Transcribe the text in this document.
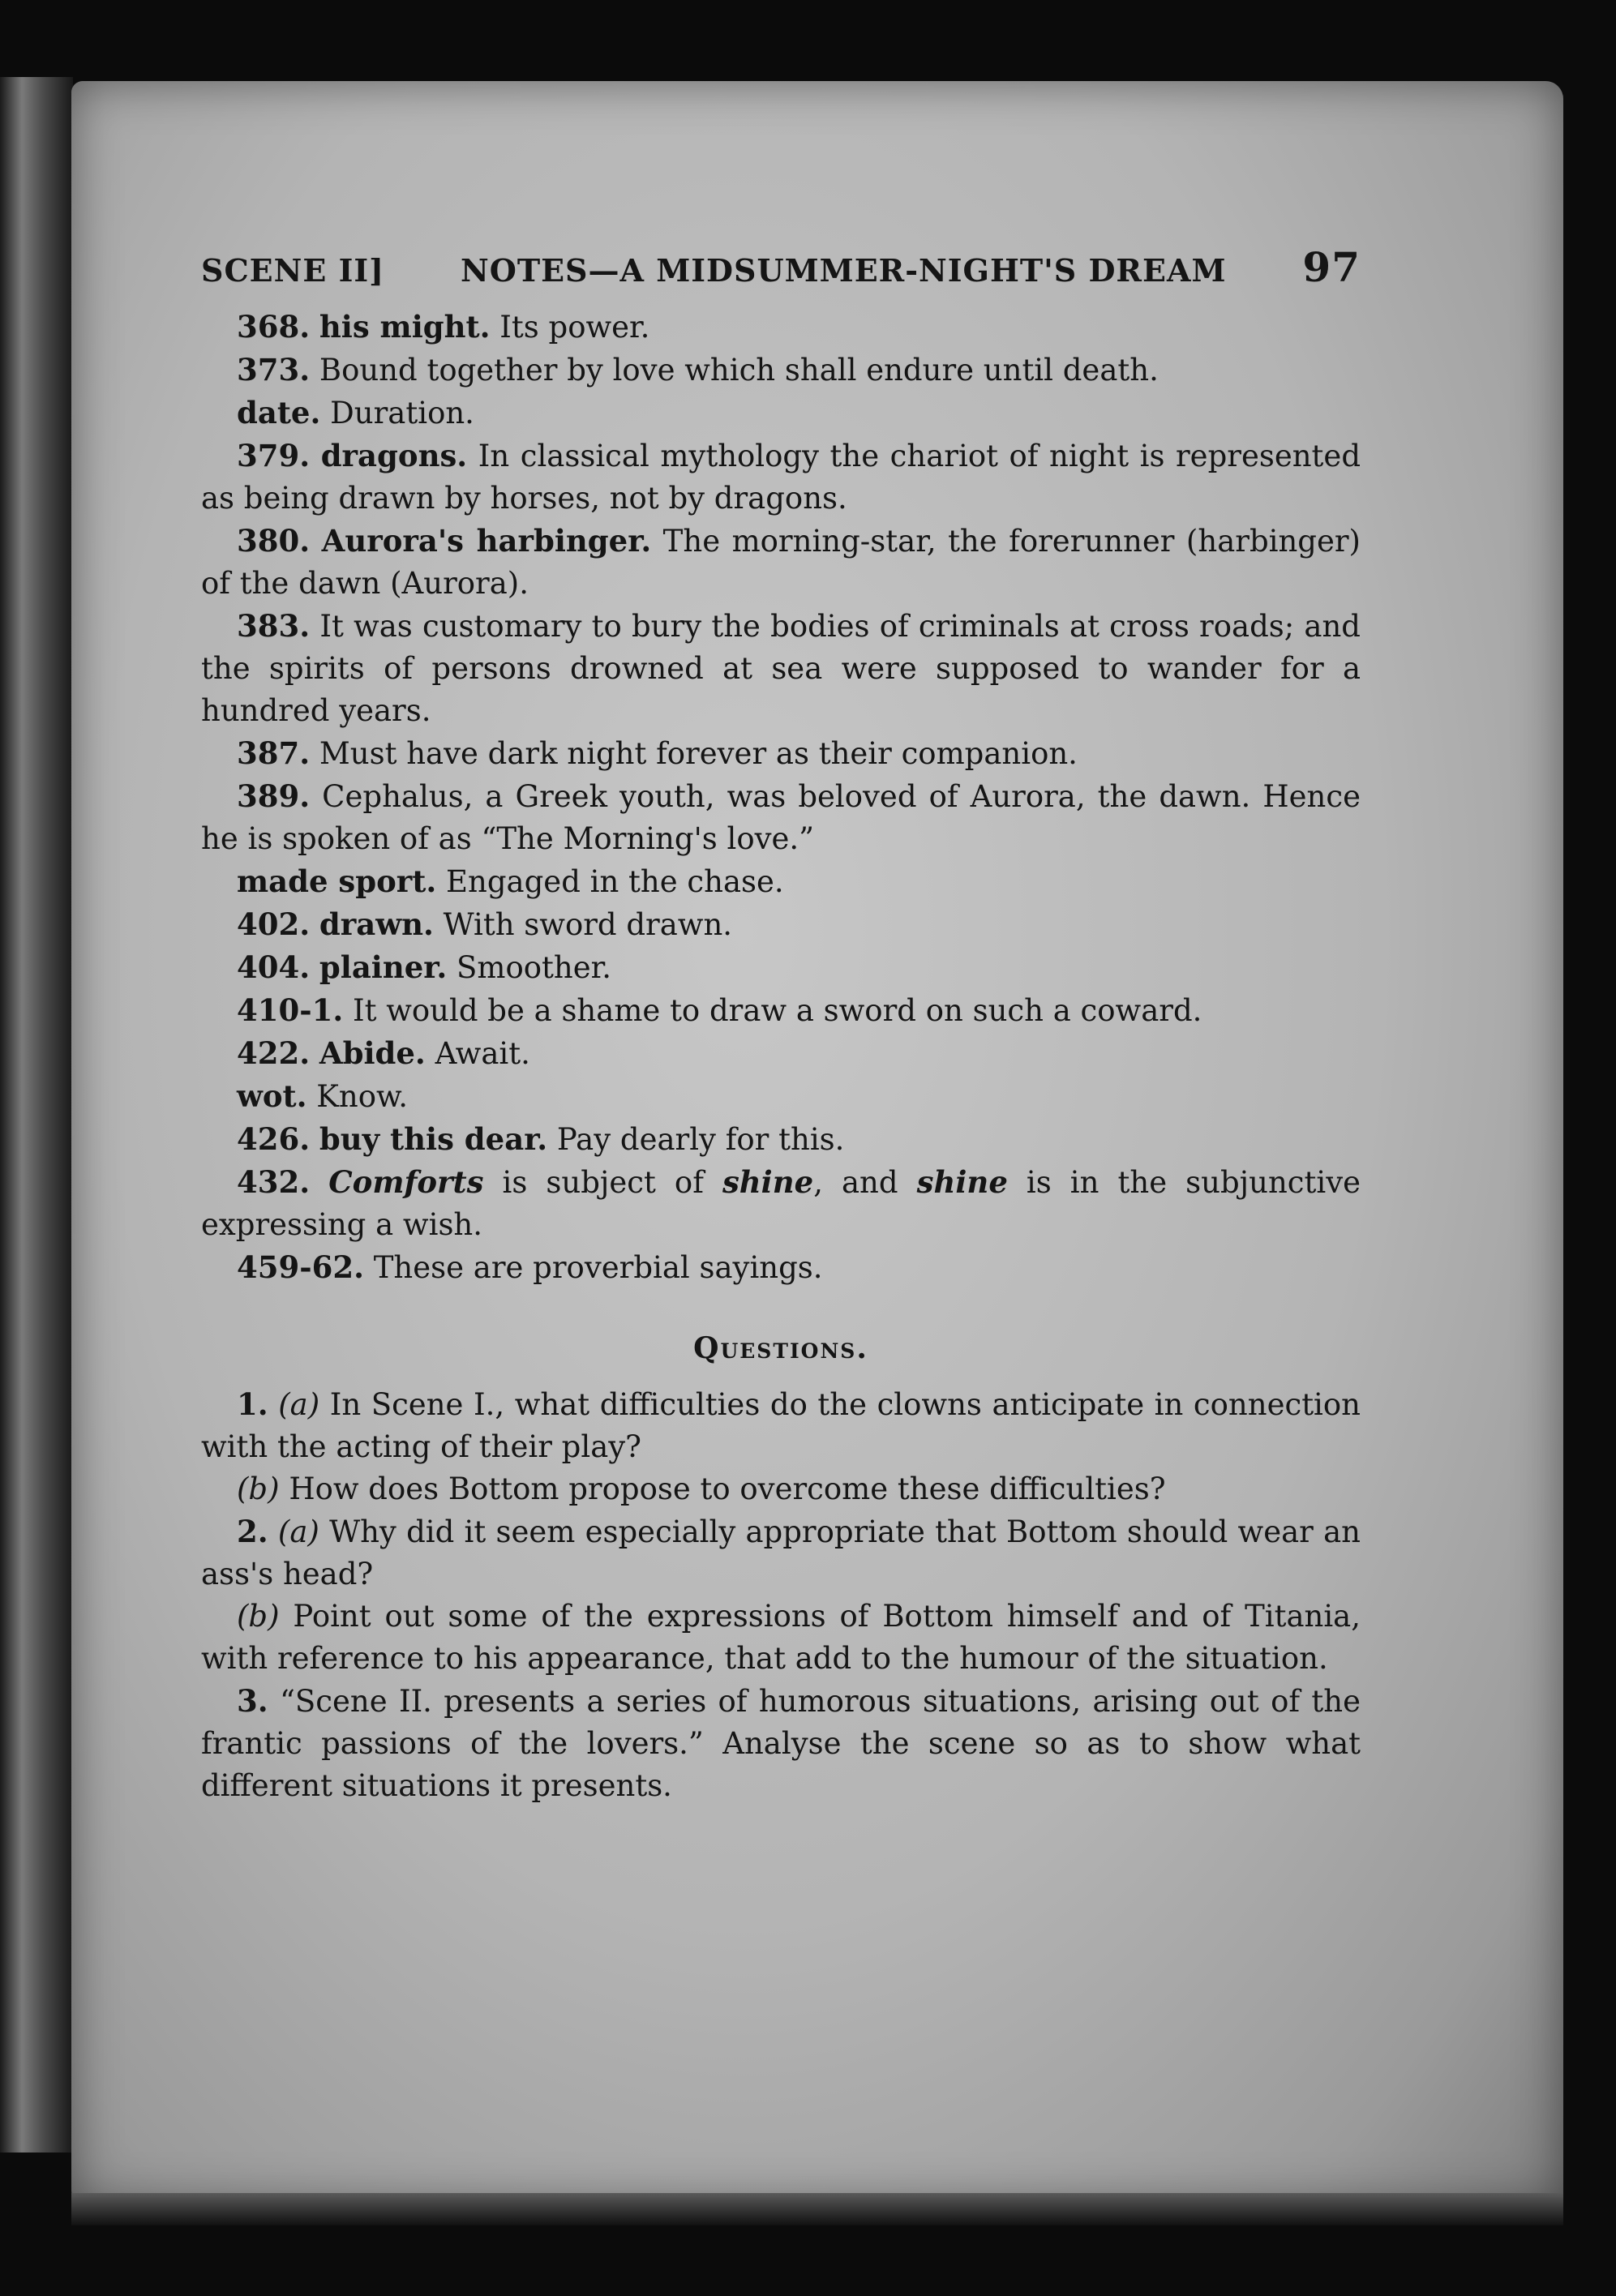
SCENE II] NOTES—A MIDSUMMER-NIGHT'S DREAM 97

368. his might. Its power.

373. Bound together by love which shall endure until death.

date. Duration.

379. dragons. In classical mythology the chariot of night is represented as being drawn by horses, not by dragons.

380. Aurora's harbinger. The morning-star, the forerunner (harbinger) of the dawn (Aurora).

383. It was customary to bury the bodies of criminals at cross roads; and the spirits of persons drowned at sea were supposed to wander for a hundred years.

387. Must have dark night forever as their companion.

389. Cephalus, a Greek youth, was beloved of Aurora, the dawn. Hence he is spoken of as “The Morning's love.”

made sport. Engaged in the chase.

402. drawn. With sword drawn.

404. plainer. Smoother.

410-1. It would be a shame to draw a sword on such a coward.

422. Abide. Await.

wot. Know.

426. buy this dear. Pay dearly for this.

432. Comforts is subject of shine, and shine is in the subjunctive expressing a wish.

459-62. These are proverbial sayings.

Questions.

1. (a) In Scene I., what difficulties do the clowns anticipate in connection with the acting of their play?

(b) How does Bottom propose to overcome these difficulties?

2. (a) Why did it seem especially appropriate that Bottom should wear an ass's head?

(b) Point out some of the expressions of Bottom himself and of Titania, with reference to his appearance, that add to the humour of the situation.

3. “Scene II. presents a series of humorous situations, arising out of the frantic passions of the lovers.” Analyse the scene so as to show what different situations it presents.
